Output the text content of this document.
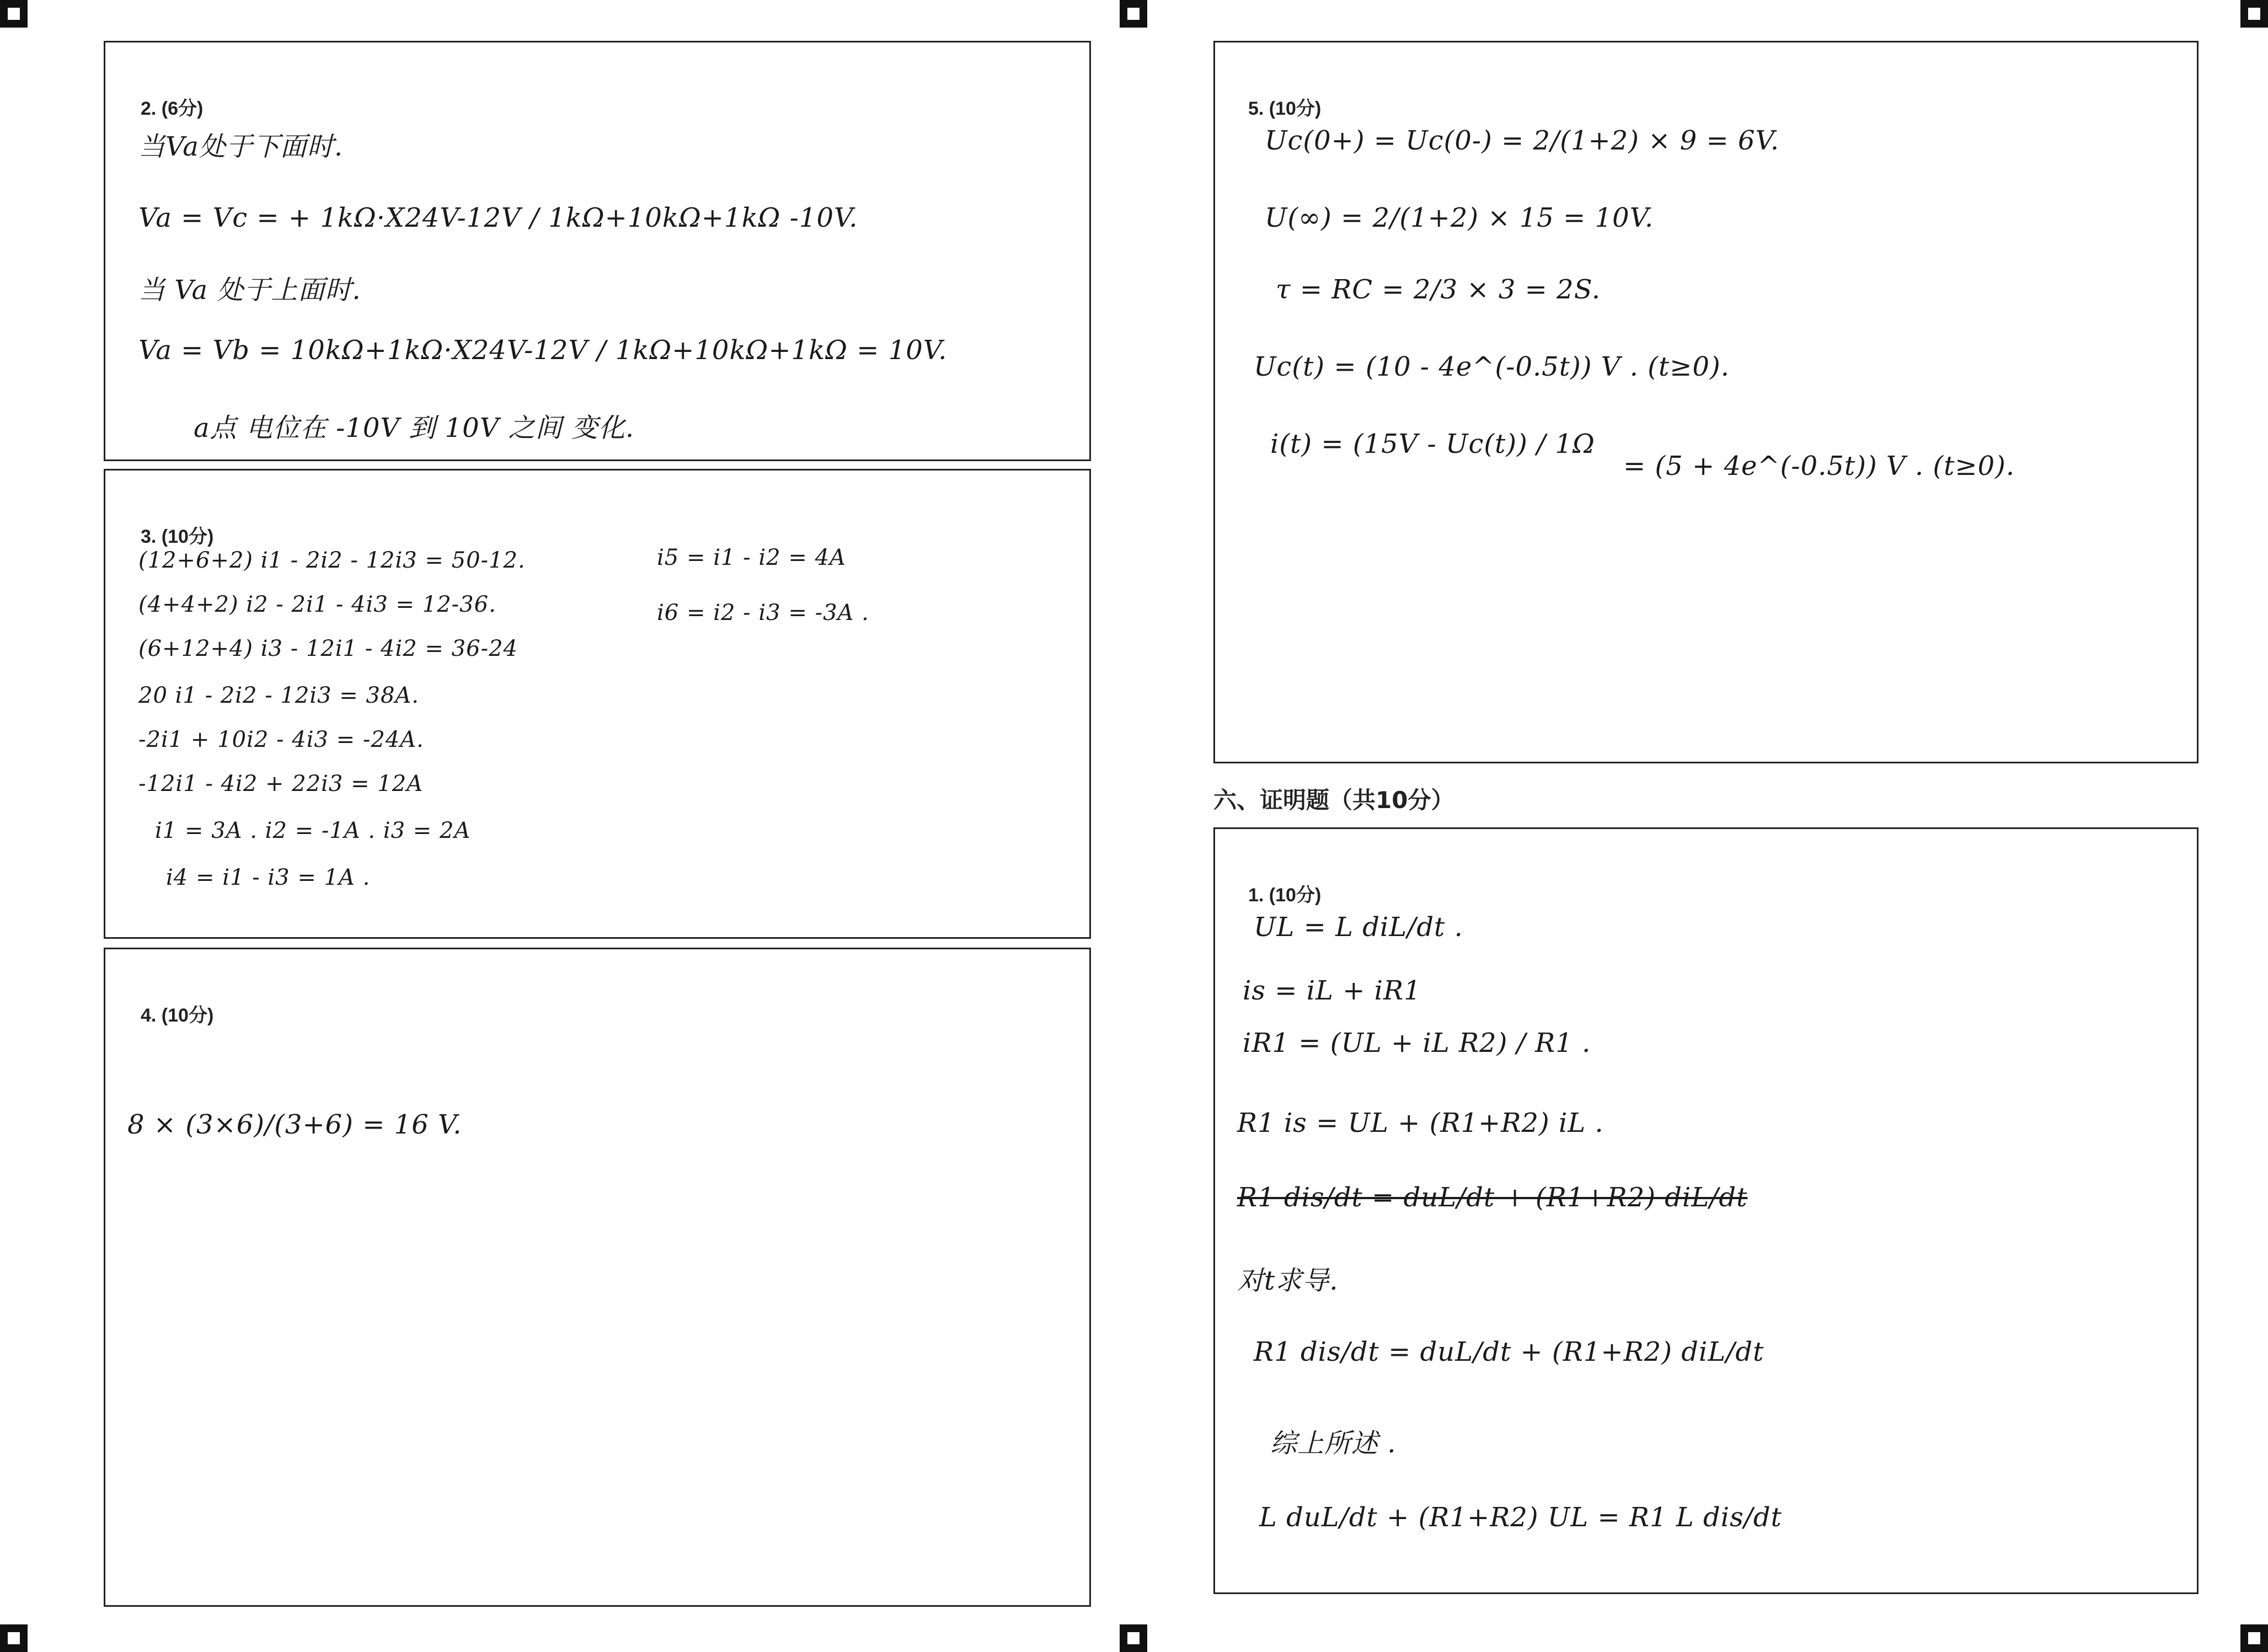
2. (6分)
当Va处于下面时.
Va = Vc = + 1kΩ·X24V-12V / 1kΩ+10kΩ+1kΩ -10V.
当 Va 处于上面时.
Va = Vb = 10kΩ+1kΩ·X24V-12V / 1kΩ+10kΩ+1kΩ = 10V.
a点 电位在 -10V 到 10V 之间 变化.
3. (10分)
(12+6+2) i1 - 2i2 - 12i3 = 50-12.
(4+4+2) i2 - 2i1 - 4i3 = 12-36.
(6+12+4) i3 - 12i1 - 4i2 = 36-24
20 i1 - 2i2 - 12i3 = 38A.
-2i1 + 10i2 - 4i3 = -24A.
-12i1 - 4i2 + 22i3 = 12A
i1 = 3A . i2 = -1A . i3 = 2A
i4 = i1 - i3 = 1A .
i5 = i1 - i2 = 4A
i6 = i2 - i3 = -3A .
4. (10分)
8 × (3×6)/(3+6) = 16 V.
5. (10分)
Uc(0+) = Uc(0-) = 2/(1+2) × 9 = 6V.
U(∞) = 2/(1+2) × 15 = 10V.
τ = RC = 2/3 × 3 = 2S.
Uc(t) = (10 - 4e^(-0.5t)) V . (t≥0).
i(t) = (15V - Uc(t)) / 1Ω
= (5 + 4e^(-0.5t)) V . (t≥0).
六、证明题（共10分）
1. (10分)
UL = L diL/dt .
is = iL + iR1
iR1 = (UL + iL R2) / R1 .
R1 is = UL + (R1+R2) iL .
R1 dis/dt = duL/dt + (R1+R2) diL/dt
对t求导.
R1 dis/dt = duL/dt + (R1+R2) diL/dt
综上所述 .
L duL/dt + (R1+R2) UL = R1 L dis/dt
